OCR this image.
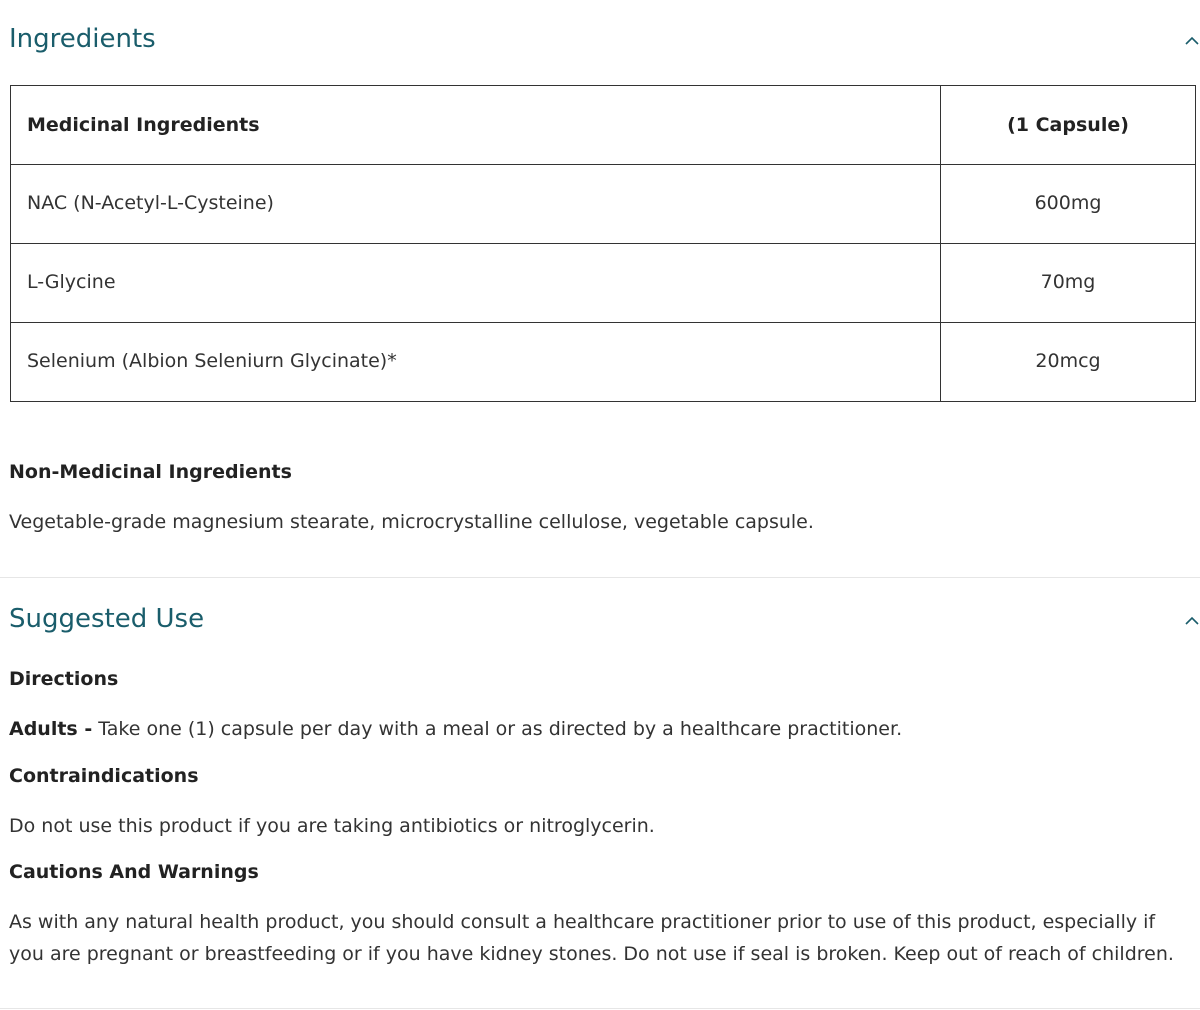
Ingredients
Medicinal Ingredients	(1 Capsule)
NAC (N-Acetyl-L-Cysteine)	600mg
L-Glycine	70mg
Selenium (Albion Seleniurn Glycinate)*	20mcg
Non-Medicinal Ingredients

Vegetable-grade magnesium stearate, microcrystalline cellulose, vegetable capsule.

Suggested Use
Directions

Adults - Take one (1) capsule per day with a meal or as directed by a healthcare practitioner.

Contraindications

Do not use this product if you are taking antibiotics or nitroglycerin.

Cautions And Warnings

As with any natural health product, you should consult a healthcare practitioner prior to use of this product, especially if

you are pregnant or breastfeeding or if you have kidney stones. Do not use if seal is broken. Keep out of reach of children.
